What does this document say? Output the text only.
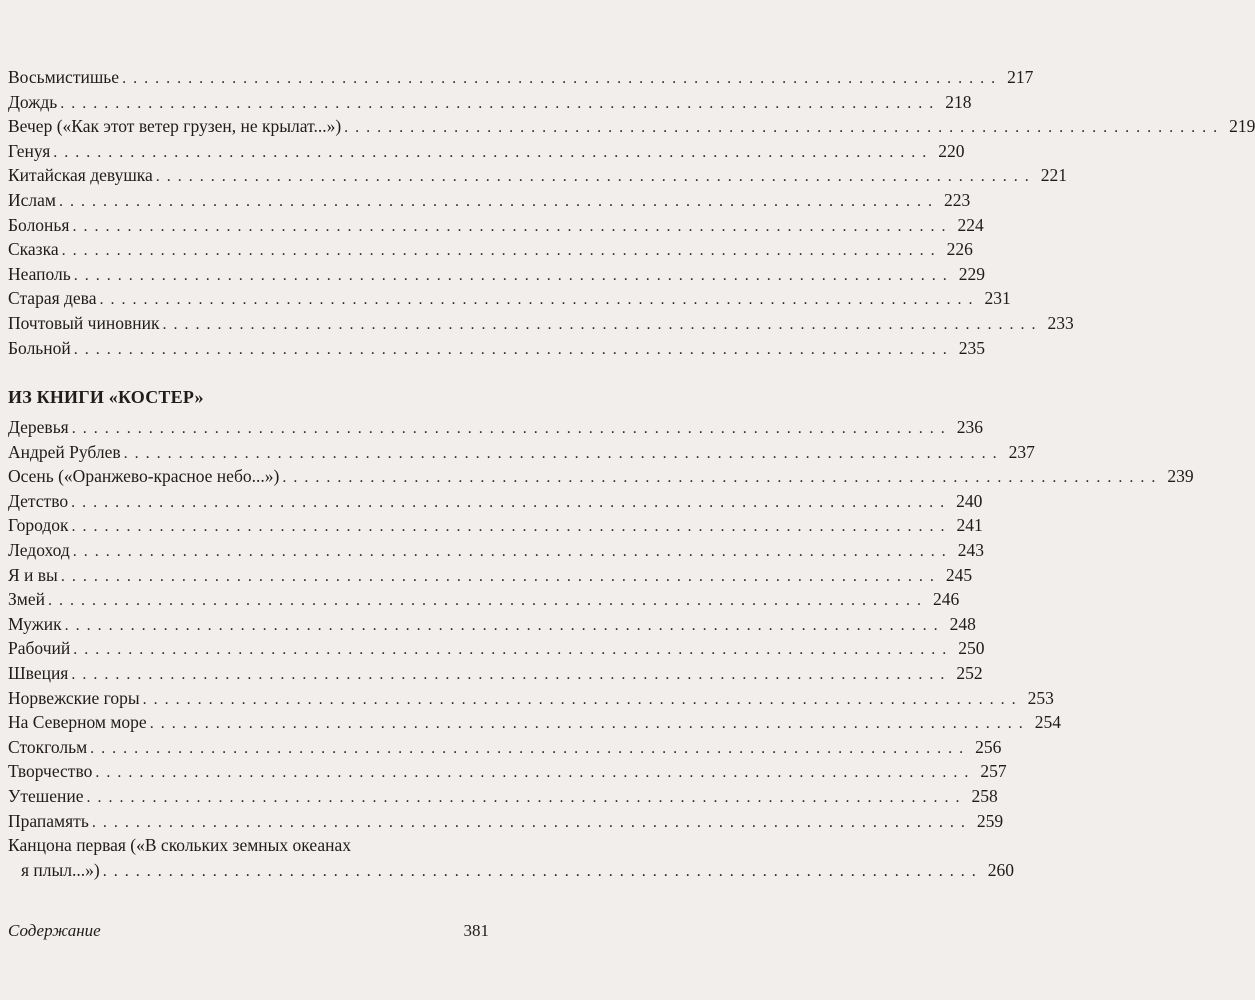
Восьмистишье ................................................................................ 217
Дождь ................................................................................ 218
Вечер («Как этот ветер грузен, не крылат...») ................................................................................ 219
Генуя ................................................................................ 220
Китайская девушка ................................................................................ 221
Ислам ................................................................................ 223
Болонья ................................................................................ 224
Сказка ................................................................................ 226
Неаполь ................................................................................ 229
Старая дева ................................................................................ 231
Почтовый чиновник ................................................................................ 233
Больной ................................................................................ 235
ИЗ КНИГИ «КОСТЕР»
Деревья ................................................................................ 236
Андрей Рублев ................................................................................ 237
Осень («Оранжево-красное небо...») ................................................................................ 239
Детство ................................................................................ 240
Городок ................................................................................ 241
Ледоход ................................................................................ 243
Я и вы ................................................................................ 245
Змей ................................................................................ 246
Мужик ................................................................................ 248
Рабочий ................................................................................ 250
Швеция ................................................................................ 252
Норвежские горы ................................................................................ 253
На Северном море ................................................................................ 254
Стокгольм ................................................................................ 256
Творчество ................................................................................ 257
Утешение ................................................................................ 258
Прапамять ................................................................................ 259
Канцона первая («В скольких земных океанах
я плыл...») ................................................................................ 260
Содержание	381
